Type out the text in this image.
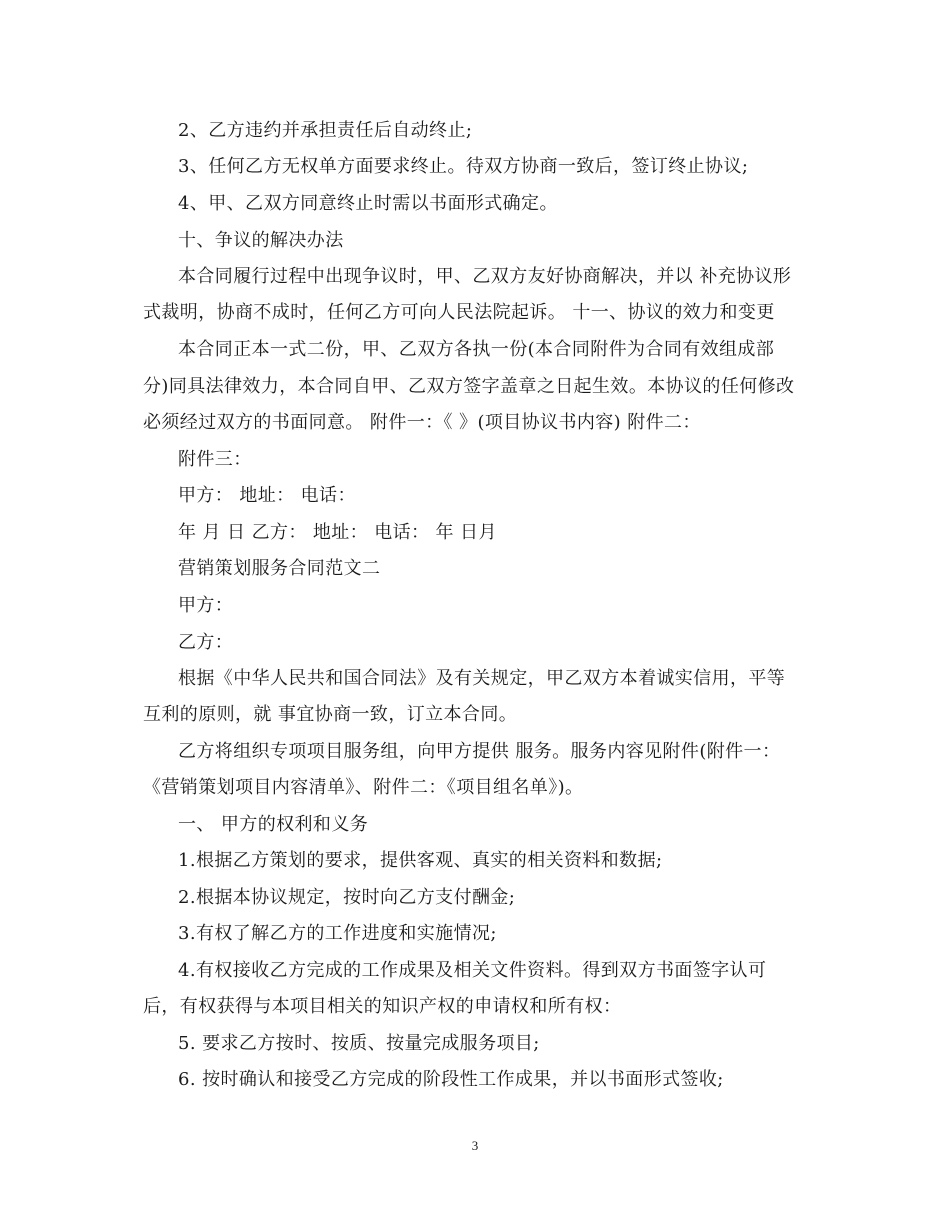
2、乙方违约并承担责任后自动终止;
3、任何乙方无权单方面要求终止。待双方协商一致后，签订终止协议;
4、甲、乙双方同意终止时需以书面形式确定。
十、争议的解决办法
本合同履行过程中出现争议时，甲、乙双方友好协商解决，并以 补充协议形
式裁明，协商不成时，任何乙方可向人民法院起诉。 十一、协议的效力和变更
本合同正本一式二份，甲、乙双方各执一份(本合同附件为合同有效组成部
分)同具法律效力，本合同自甲、乙双方签字盖章之日起生效。本协议的任何修改
必须经过双方的书面同意。 附件一：《 》(项目协议书内容) 附件二：
附件三：
甲方： 地址： 电话：
年 月 日 乙方： 地址： 电话： 年 日月
营销策划服务合同范文二
甲方：
乙方：
根据《中华人民共和国合同法》及有关规定，甲乙双方本着诚实信用，平等
互利的原则，就 事宜协商一致，订立本合同。
乙方将组织专项项目服务组，向甲方提供 服务。服务内容见附件(附件一：
《营销策划项目内容清单》、附件二：《项目组名单》)。
一、 甲方的权利和义务
1.根据乙方策划的要求，提供客观、真实的相关资料和数据;
2.根据本协议规定，按时向乙方支付酬金;
3.有权了解乙方的工作进度和实施情况;
4.有权接收乙方完成的工作成果及相关文件资料。得到双方书面签字认可
后，有权获得与本项目相关的知识产权的申请权和所有权：
5. 要求乙方按时、按质、按量完成服务项目;
6. 按时确认和接受乙方完成的阶段性工作成果，并以书面形式签收;
3
